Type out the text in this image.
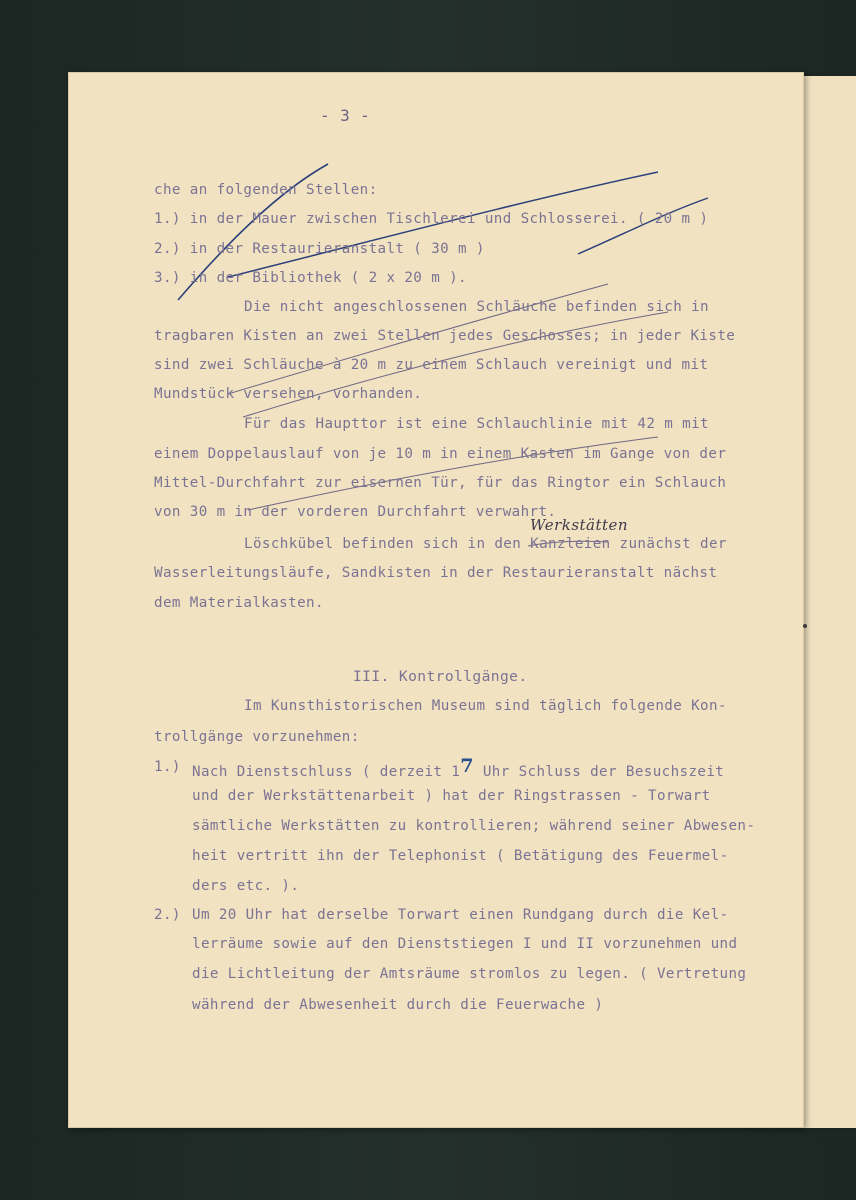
- 3 -
che an folgenden Stellen:
1.) in der Mauer zwischen Tischlerei und Schlosserei. ( 20 m )
2.) in der Restaurieranstalt ( 30 m )
3.) in der Bibliothek ( 2 x 20 m ).
Die nicht angeschlossenen Schläuche befinden sich in
tragbaren Kisten an zwei Stellen jedes Geschosses; in jeder Kiste
sind zwei Schläuche à 20 m zu einem Schlauch vereinigt und mit
Mundstück versehen, vorhanden.
Für das Haupttor ist eine Schlauchlinie mit 42 m mit
einem Doppelauslauf von je 10 m in einem Kasten im Gange von der
Mittel-Durchfahrt zur eisernen Tür, für das Ringtor ein Schlauch
von 30 m in der vorderen Durchfahrt verwahrt.
Werkstätten
Löschkübel befinden sich in den Kanzleien zunächst der
Wasserleitungsläufe, Sandkisten in der Restaurieranstalt nächst
dem Materialkasten.
III. Kontrollgänge.
Im Kunsthistorischen Museum sind täglich folgende Kon-
trollgänge vorzunehmen:
1.) Nach Dienstschluss ( derzeit 17 Uhr Schluss der Besuchszeit
und der Werkstättenarbeit ) hat der Ringstrassen - Torwart
sämtliche Werkstätten zu kontrollieren; während seiner Abwesen-
heit vertritt ihn der Telephonist ( Betätigung des Feuermel-
ders etc. ).
2.) Um 20 Uhr hat derselbe Torwart einen Rundgang durch die Kel-
lerräume sowie auf den Dienststiegen I und II vorzunehmen und
die Lichtleitung der Amtsräume stromlos zu legen. ( Vertretung
während der Abwesenheit durch die Feuerwache )
